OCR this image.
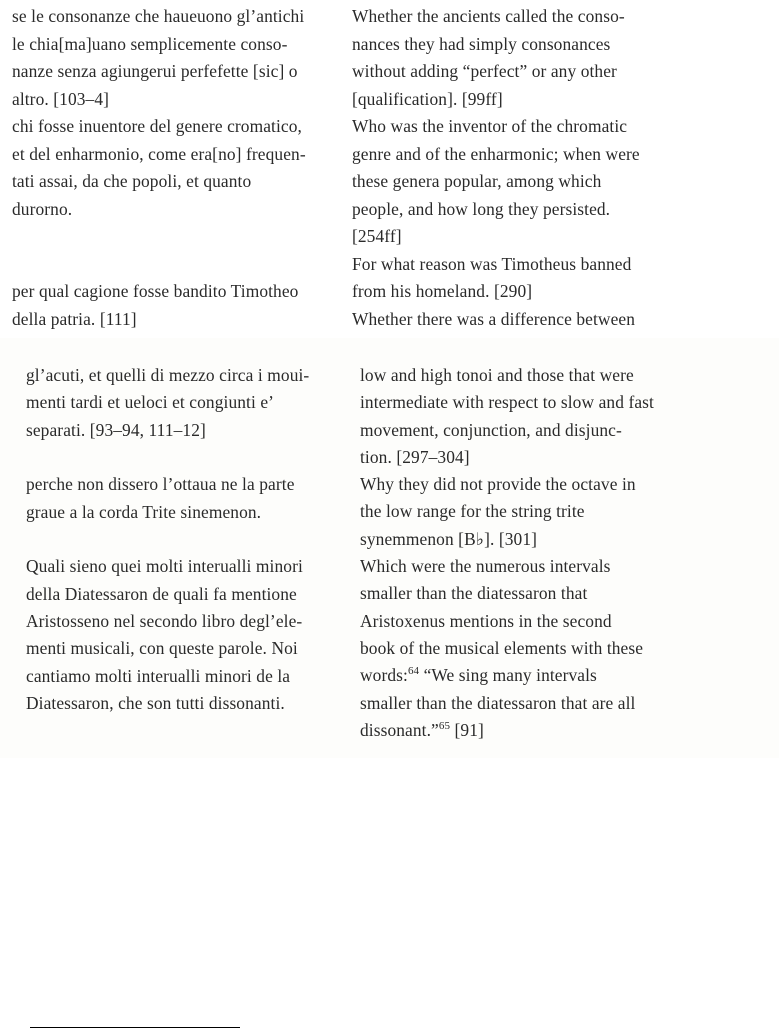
se le consonanze che haueuono gl’antichi

le chia[ma]uano semplicemente conso-

nanze senza agiungerui perfefette [sic] o

altro. [103–4]

chi fosse inuentore del genere cromatico,

et del enharmonio, come era[no] frequen-

tati assai, da che popoli, et quanto

durorno.

per qual cagione fosse bandito Timotheo

della patria. [111]

Whether the ancients called the conso-

nances they had simply consonances

without adding “perfect” or any other

[qualification]. [99ff]

Who was the inventor of the chromatic

genre and of the enharmonic; when were

these genera popular, among which

people, and how long they persisted.

[254ff]

For what reason was Timotheus banned

from his homeland. [290]

Whether there was a difference between

gl’acuti, et quelli di mezzo circa i moui-

menti tardi et ueloci et congiunti e’

separati. [93–94, 111–12]

perche non dissero l’ottaua ne la parte

graue a la corda Trite sinemenon.

Quali sieno quei molti interualli minori

della Diatessaron de quali fa mentione

Aristosseno nel secondo libro degl’ele-

menti musicali, con queste parole. Noi

cantiamo molti interualli minori de la

Diatessaron, che son tutti dissonanti.

low and high tonoi and those that were

intermediate with respect to slow and fast

movement, conjunction, and disjunc-

tion. [297–304]

Why they did not provide the octave in

the low range for the string trite

synemmenon [B♭]. [301]

Which were the numerous intervals

smaller than the diatessaron that

Aristoxenus mentions in the second

book of the musical elements with these

words:$^{64}$ “We sing many intervals

smaller than the diatessaron that are all

dissonant.”$^{65}$ [91]
